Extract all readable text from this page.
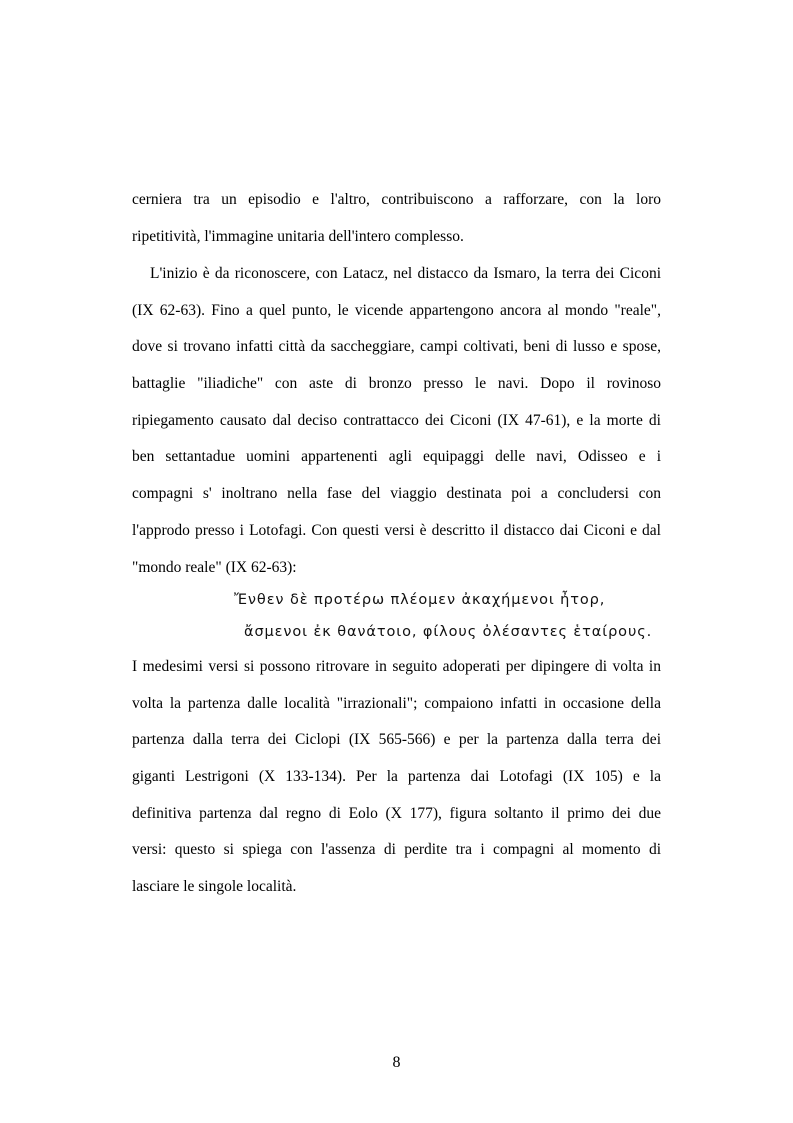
cerniera tra un episodio e l'altro, contribuiscono a rafforzare, con la loro
ripetitività, l'immagine unitaria dell'intero complesso.
L'inizio è da riconoscere, con Latacz, nel distacco da Ismaro, la terra dei Ciconi
(IX 62-63). Fino a quel punto, le vicende appartengono ancora al mondo "reale",
dove si trovano infatti città da saccheggiare, campi coltivati, beni di lusso e spose,
battaglie "iliadiche" con aste di bronzo presso le navi. Dopo il rovinoso
ripiegamento causato dal deciso contrattacco dei Ciconi (IX 47-61), e la morte di
ben settantadue uomini appartenenti agli equipaggi delle navi, Odisseo e i
compagni s' inoltrano nella fase del viaggio destinata poi a concludersi con
l'approdo presso i Lotofagi. Con questi versi è descritto il distacco dai Ciconi e dal
"mondo reale" (IX 62-63):
Ἔνθεν δὲ προτέρω πλέομεν ἀκαχήμενοι ἦτορ,
ἄσμενοι ἐκ θανάτοιο, φίλους ὀλέσαντες ἑταίρους.
I medesimi versi si possono ritrovare in seguito adoperati per dipingere di volta in
volta la partenza dalle località "irrazionali"; compaiono infatti in occasione della
partenza dalla terra dei Ciclopi (IX 565-566) e per la partenza dalla terra dei
giganti Lestrigoni (X 133-134). Per la partenza dai Lotofagi (IX 105) e la
definitiva partenza dal regno di Eolo (X 177), figura soltanto il primo dei due
versi: questo si spiega con l'assenza di perdite tra i compagni al momento di
lasciare le singole località.
8
